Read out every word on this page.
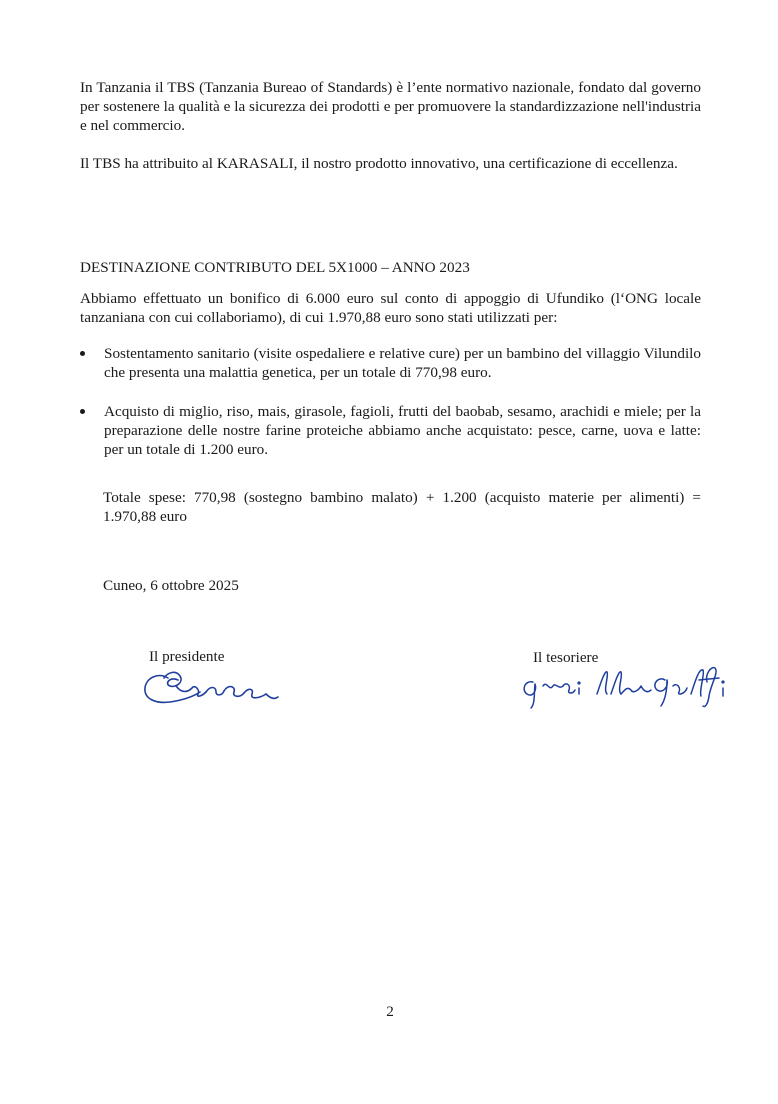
In Tanzania il TBS (Tanzania Bureao of Standards) è l’ente normativo nazionale, fondato dal governo per sostenere la qualità e la sicurezza dei prodotti e per promuovere la standardizzazione nell'industria e nel commercio.

Il TBS ha attribuito al KARASALI, il nostro prodotto innovativo, una certificazione di eccellenza.

DESTINAZIONE CONTRIBUTO DEL 5X1000 – ANNO 2023

Abbiamo effettuato un bonifico di 6.000 euro sul conto di appoggio di Ufundiko (l‘ONG locale tanzaniana con cui collaboriamo), di cui 1.970,88 euro sono stati utilizzati per:

Sostentamento sanitario (visite ospedaliere e relative cure) per un bambino del villaggio Vilundilo che presenta una malattia genetica, per un totale di 770,98 euro.
Acquisto di miglio, riso, mais, girasole, fagioli, frutti del baobab, sesamo, arachidi e miele; per la preparazione delle nostre farine proteiche abbiamo anche acquistato: pesce, carne, uova e latte: per un totale di 1.200 euro.

Totale spese: 770,98 (sostegno bambino malato) + 1.200 (acquisto materie per alimenti) = 1.970,88 euro

Cuneo, 6 ottobre 2025

Il presidente	Il tesoriere

2
